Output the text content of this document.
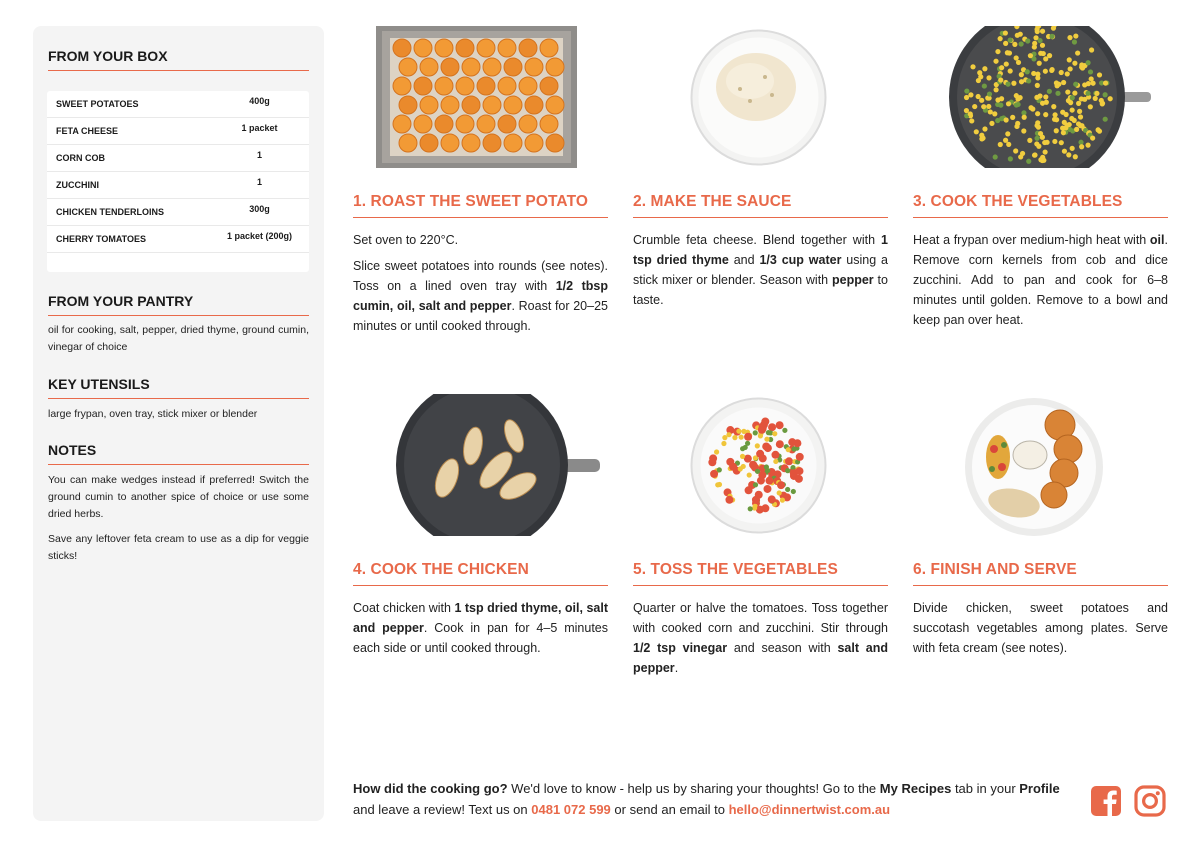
FROM YOUR BOX
SWEET POTATOES	400g
FETA CHEESE	1 packet
CORN COB	1
ZUCCHINI	1
CHICKEN TENDERLOINS	300g
CHERRY TOMATOES	1 packet (200g)
FROM YOUR PANTRY
oil for cooking, salt, pepper, dried thyme, ground cumin, vinegar of choice
KEY UTENSILS
large frypan, oven tray, stick mixer or blender
NOTES

You can make wedges instead if preferred! Switch the ground cumin to another spice of choice or use some dried herbs.

Save any leftover feta cream to use as a dip for veggie sticks!

1. ROAST THE SWEET POTATO

Set oven to 220°C.

Slice sweet potatoes into rounds (see notes). Toss on a lined oven tray with 1/2 tbsp cumin, oil, salt and pepper. Roast for 20–25 minutes or until cooked through.

2. MAKE THE SAUCE

Crumble feta cheese. Blend together with 1 tsp dried thyme and 1/3 cup water using a stick mixer or blender. Season with pepper to taste.

3. COOK THE VEGETABLES

Heat a frypan over medium-high heat with oil. Remove corn kernels from cob and dice zucchini. Add to pan and cook for 6–8 minutes until golden. Remove to a bowl and keep pan over heat.

4. COOK THE CHICKEN

Coat chicken with 1 tsp dried thyme, oil, salt and pepper. Cook in pan for 4–5 minutes each side or until cooked through.

5. TOSS THE VEGETABLES

Quarter or halve the tomatoes. Toss together with cooked corn and zucchini. Stir through 1/2 tsp vinegar and season with salt and pepper.

6. FINISH AND SERVE

Divide chicken, sweet potatoes and succotash vegetables among plates. Serve with feta cream (see notes).

How did the cooking go? We'd love to know - help us by sharing your thoughts! Go to the My Recipes tab in your Profile and leave a review! Text us on 0481 072 599 or send an email to hello@dinnertwist.com.au
